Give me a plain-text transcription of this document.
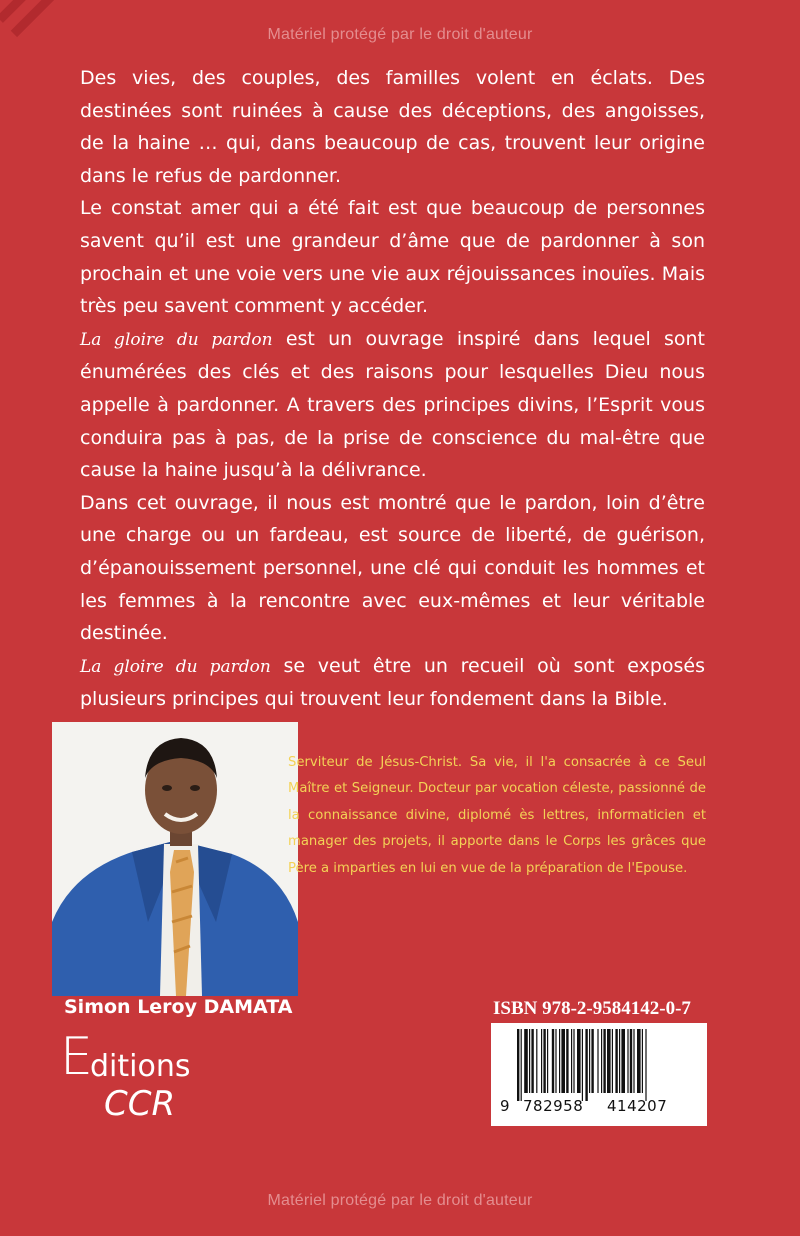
Matériel protégé par le droit d'auteur

Des vies, des couples, des familles volent en éclats. Des destinées sont ruinées à cause des déceptions, des angoisses, de la haine … qui, dans beaucoup de cas, trouvent leur origine dans le refus de pardonner.

Le constat amer qui a été fait est que beaucoup de personnes savent qu’il est une grandeur d’âme que de pardonner à son prochain et une voie vers une vie aux réjouissances inouïes. Mais très peu savent comment y accéder.

La gloire du pardon est un ouvrage inspiré dans lequel sont énumérées des clés et des raisons pour lesquelles Dieu nous appelle à pardonner. A travers des principes divins, l’Esprit vous conduira pas à pas, de la prise de conscience du mal-être que cause la haine jusqu’à la délivrance.

Dans cet ouvrage, il nous est montré que le pardon, loin d’être une charge ou un fardeau, est source de liberté, de guérison, d’épanouissement personnel, une clé qui conduit les hommes et les femmes à la rencontre avec eux-mêmes et leur véritable destinée.

La gloire du pardon se veut être un recueil où sont exposés plusieurs principes qui trouvent leur fondement dans la Bible.

Serviteur de Jésus-Christ. Sa vie, il l'a consacrée à ce Seul Maître et Seigneur. Docteur par vocation céleste, passionné de la connaissance divine, diplomé ès lettres, informaticien et manager des projets, il apporte dans le Corps les grâces que Père a imparties en lui en vue de la préparation de l'Epouse.
Simon Leroy DAMATA
E
ditions
CCR
ISBN 978-2-9584142-0-7
9 782958 414207
Matériel protégé par le droit d'auteur
